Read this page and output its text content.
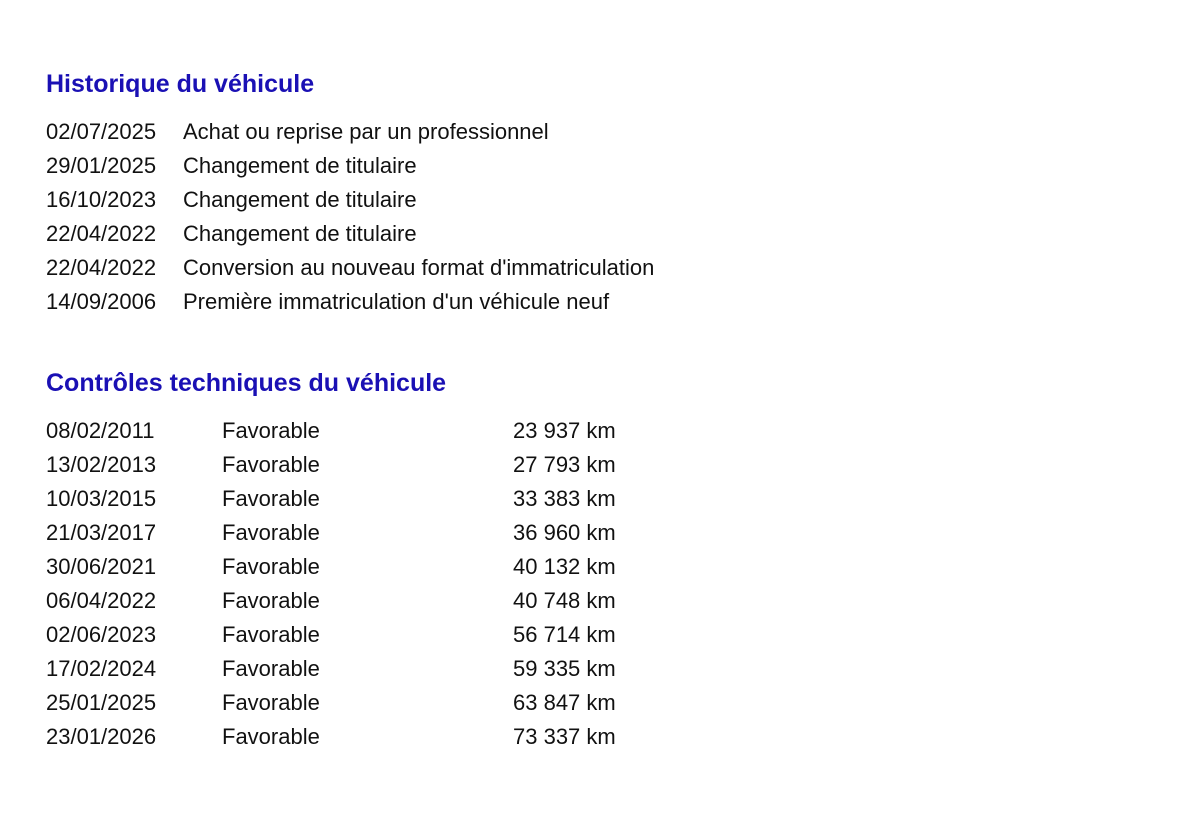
Historique du véhicule
02/07/2025 Achat ou reprise par un professionnel
29/01/2025 Changement de titulaire
16/10/2023 Changement de titulaire
22/04/2022 Changement de titulaire
22/04/2022 Conversion au nouveau format d'immatriculation
14/09/2006 Première immatriculation d'un véhicule neuf
Contrôles techniques du véhicule
08/02/2011	Favorable	23 937 km
13/02/2013	Favorable	27 793 km
10/03/2015	Favorable	33 383 km
21/03/2017	Favorable	36 960 km
30/06/2021	Favorable	40 132 km
06/04/2022	Favorable	40 748 km
02/06/2023	Favorable	56 714 km
17/02/2024	Favorable	59 335 km
25/01/2025	Favorable	63 847 km
23/01/2026	Favorable	73 337 km
